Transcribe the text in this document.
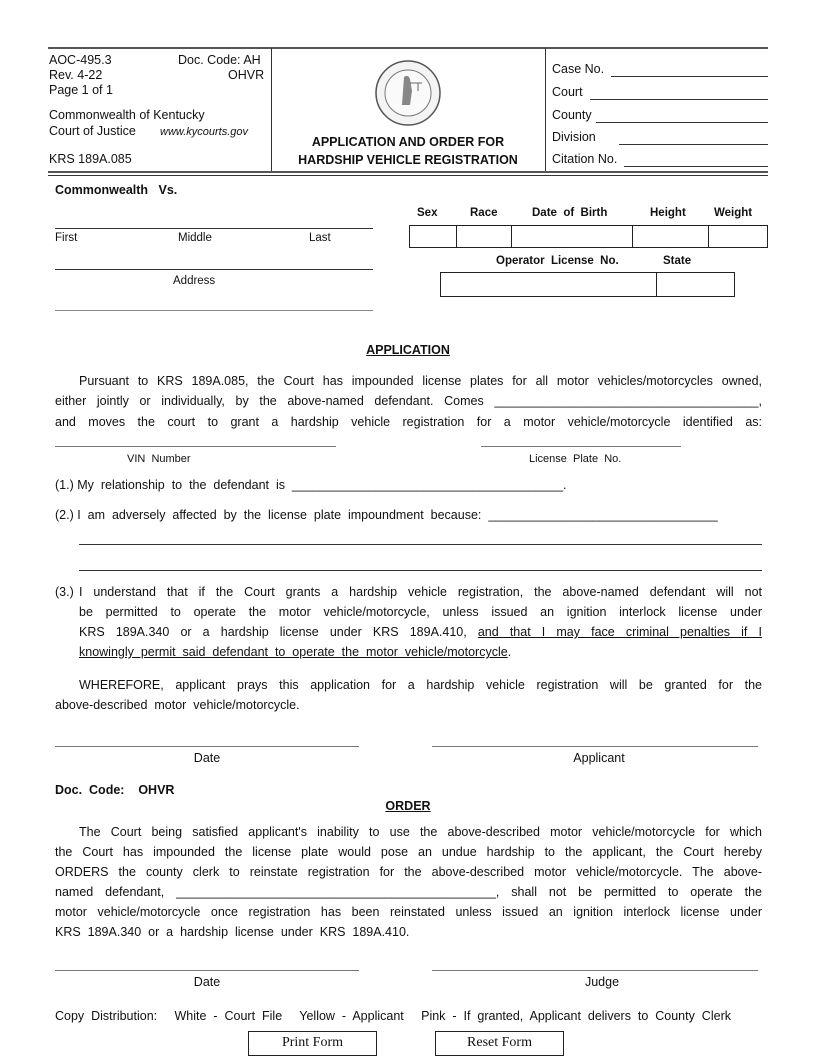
AOC-495.3	Doc. Code: AH
Rev. 4-22	OHVR
Page 1 of 1
Commonwealth of Kentucky
Court of Justice www.kycourts.gov
KRS 189A.085
APPLICATION AND ORDER FOR
HARDSHIP VEHICLE REGISTRATION
Case No.
Court
County
Division
Citation No.
Commonwealth   Vs.
First	Middle	Last
Address
Sex	Race	Date  of  Birth	Height Weight
Operator  License  No.	State
APPLICATION
Pursuant to KRS 189A.085, the Court has impounded license plates for all motor vehicles/motorcycles owned,
either jointly or individually, by the above-named defendant. Comes ______________________________________,
and moves the court to grant a hardship vehicle registration for a motor vehicle/motorcycle identified as:
VIN  Number	License  Plate  No.
(1.) My  relationship  to  the  defendant  is  _______________________________________.
(2.) I  am  adversely  affected  by  the  license  plate  impoundment  because:  _________________________________
(3.) I understand that if the Court grants a hardship vehicle registration, the above-named defendant will not
be permitted to operate the motor vehicle/motorcycle, unless issued an ignition interlock license under
KRS 189A.340 or a hardship license under KRS 189A.410, and that I may face criminal penalties if I
knowingly  permit  said  defendant  to  operate  the  motor  vehicle/motorcycle.
WHEREFORE, applicant prays this application for a hardship vehicle registration will be granted for the
above-described  motor  vehicle/motorcycle.
Date	Applicant
Doc.  Code:    OHVR
ORDER
The Court being satisfied applicant's inability to use the above-described motor vehicle/motorcycle for which
the Court has impounded the license plate would pose an undue hardship to the applicant, the Court hereby
ORDERS the county clerk to reinstate registration for the above-described motor vehicle/motorcycle. The above-
named defendant, ______________________________________________, shall not be permitted to operate the
motor vehicle/motorcycle once registration has been reinstated unless issued an ignition interlock license under
KRS  189A.340  or  a  hardship  license  under  KRS  189A.410.
Date	Judge
Copy  Distribution:     White  -  Court  File     Yellow  -  Applicant     Pink  -  If  granted,  Applicant  delivers  to  County  Clerk
Print Form	Reset Form
